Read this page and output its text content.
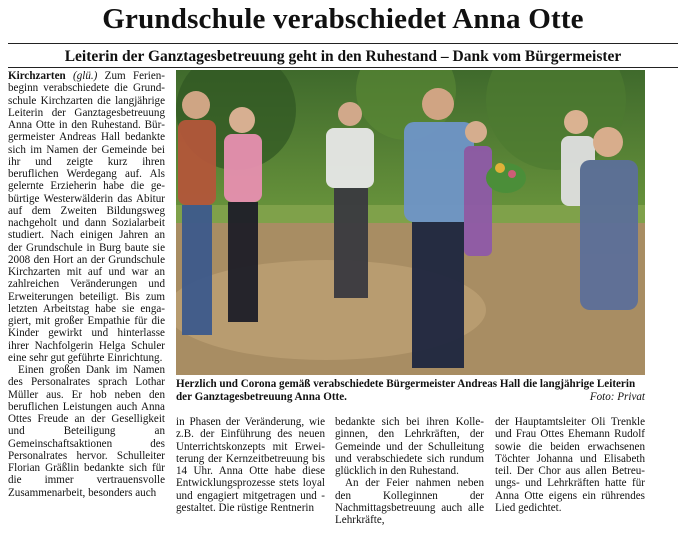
Grundschule verabschiedet Anna Otte
Leiterin der Ganztagesbetreuung geht in den Ruhestand – Dank vom Bürgermeister

Kirchzarten (glü.) Zum Ferienbeginn verabschiedete die Grundschule Kirchzarten die langjährige Leiterin der Ganztagesbetreuung Anna Otte in den Ruhestand. Bürgermeister Andreas Hall bedankte sich im Namen der Gemeinde bei ihr und zeigte kurz ihren beruflichen Werdegang auf. Als gelernte Erzieherin habe die gebürtige Westerwälderin das Abitur auf dem Zweiten Bildungsweg nachgeholt und dann Sozialarbeit studiert. Nach einigen Jahren an der Grundschule in Burg baute sie 2008 den Hort an der Grundschule Kirchzarten mit auf und war an zahlreichen Veränderungen und Erweiterungen beteiligt. Bis zum letzten Arbeitstag habe sie engagiert, mit großer Empathie für die Kinder gewirkt und hinterlasse ihrer Nachfolgerin Helga Schuler eine sehr gut geführte Einrichtung.

Einen großen Dank im Namen des Personalrates sprach Lothar Müller aus. Er hob neben den beruflichen Leistungen auch Anna Ottes Freude an der Geselligkeit und Beteiligung an Gemeinschaftsaktionen des Personalrates hervor. Schulleiter Florian Gräßlin bedankte sich für die immer vertrauensvolle Zusammenarbeit, besonders auch

Herzlich und Corona gemäß verabschiedete Bürgermeister Andreas Hall die langjährige Leiterin der Ganztagesbetreuung Anna Otte.	Foto: Privat

in Phasen der Veränderung, wie z.B. der Einführung des neuen Unterrichtskonzepts mit Erweiterung der Kernzeitbetreuung bis 14 Uhr. Anna Otte habe diese Entwicklungsprozesse stets loyal und engagiert mitgetragen und -gestaltet. Die rüstige Rentnerin

bedankte sich bei ihren Kolleginnen, den Lehrkräften, der Gemeinde und der Schulleitung und verabschiedete sich rundum glücklich in den Ruhestand.

An der Feier nahmen neben den Kolleginnen der Nachmittagsbetreuung auch alle Lehrkräfte,

der Hauptamtsleiter Oli Trenkle und Frau Ottes Ehemann Rudolf sowie die beiden erwachsenen Töchter Johanna und Elisabeth teil. Der Chor aus allen Betreuungs- und Lehrkräften hatte für Anna Otte eigens ein rührendes Lied gedichtet.
